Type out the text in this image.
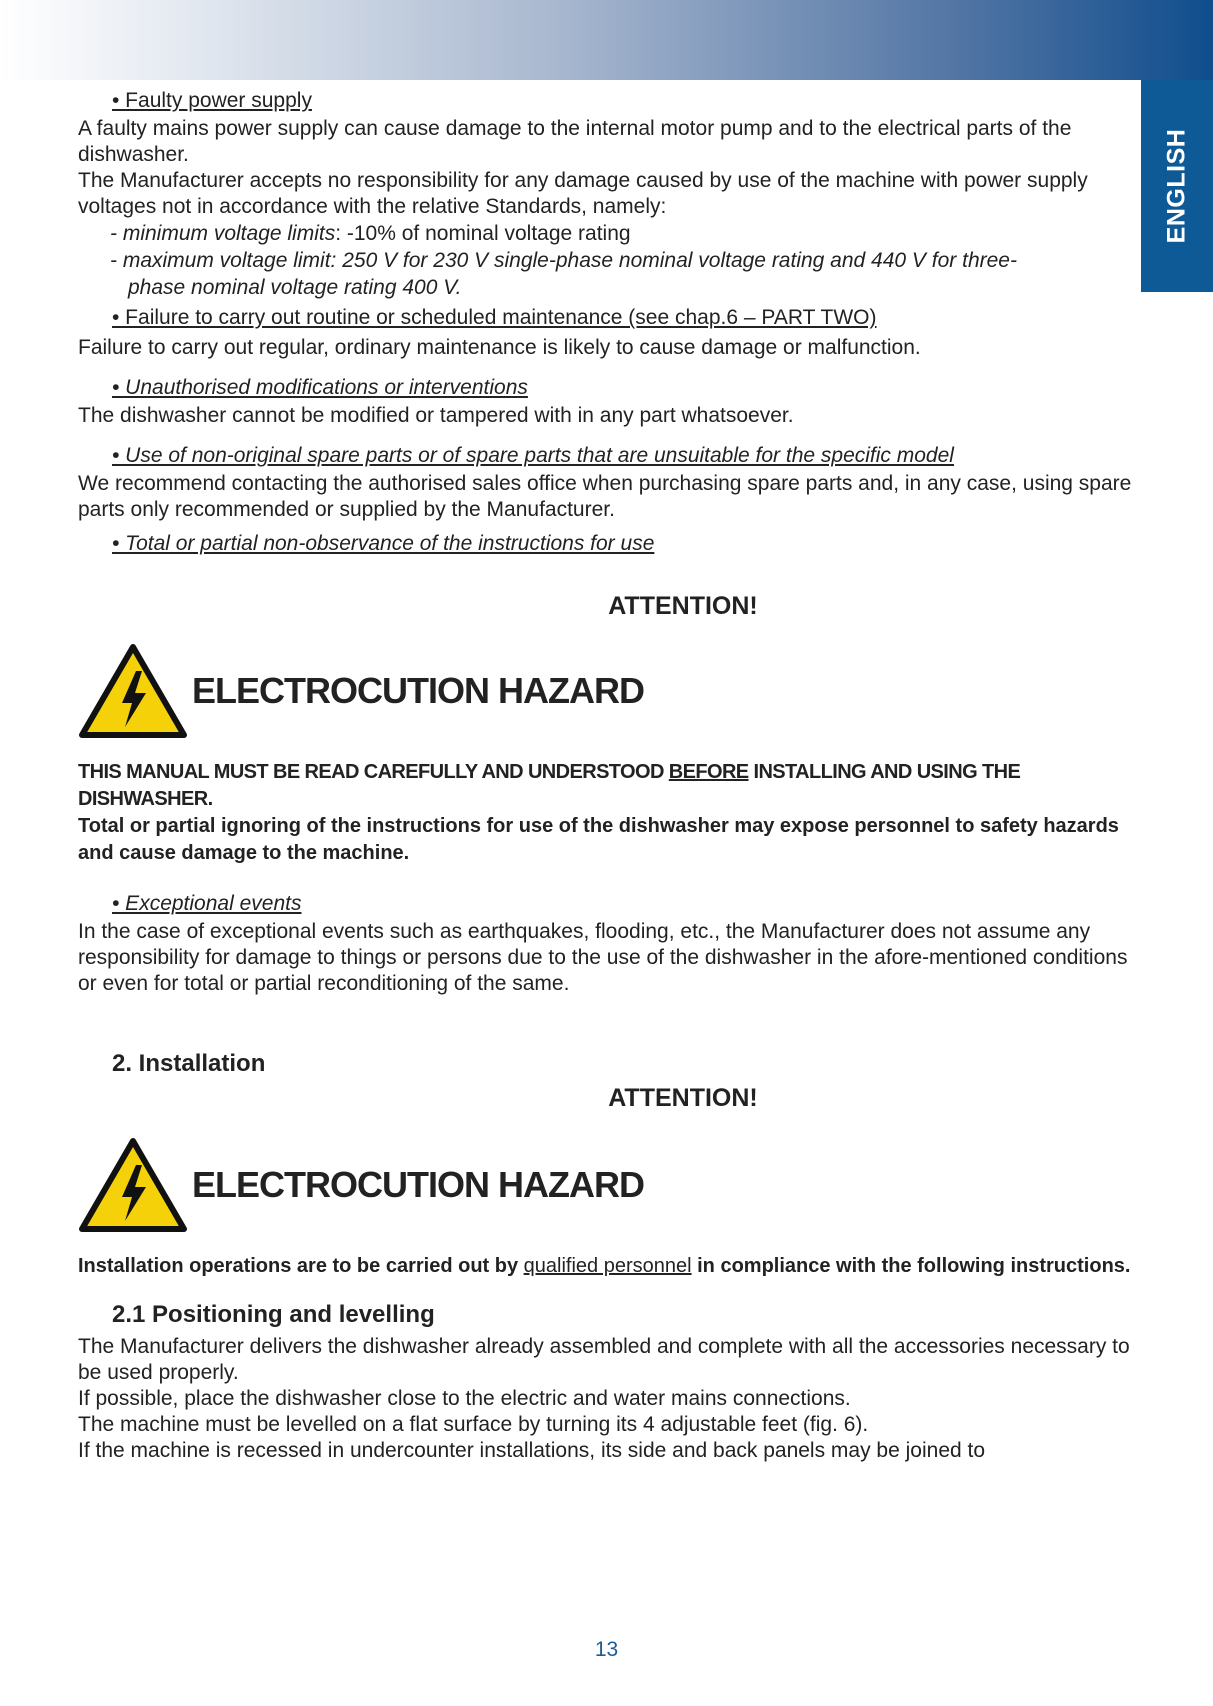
ENGLISH
• Faulty power supply

A faulty mains power supply can cause damage to the internal motor pump and to the electrical parts of the dishwasher.

The Manufacturer accepts no responsibility for any damage caused by use of the machine with power supply voltages not in accordance with the relative Standards, namely:

- minimum voltage limits: -10% of nominal voltage rating
- maximum voltage limit: 250 V for 230 V single-phase nominal voltage rating and 440 V for three-
phase nominal voltage rating 400 V.
• Failure to carry out routine or scheduled maintenance (see chap.6 – PART TWO)

Failure to carry out regular, ordinary maintenance is likely to cause damage or malfunction.

• Unauthorised modifications or interventions

The dishwasher cannot be modified or tampered with in any part whatsoever.

• Use of non-original spare parts or of spare parts that are unsuitable for the specific model

We recommend contacting the authorised sales office when purchasing spare parts and, in any case, using spare parts only recommended or supplied by the Manufacturer.

• Total or partial non-observance of the instructions for use

ATTENTION!

ELECTROCUTION HAZARD

THIS MANUAL MUST BE READ CAREFULLY AND UNDERSTOOD BEFORE INSTALLING AND USING THE DISHWASHER.

Total or partial ignoring of the instructions for use of the dishwasher may expose personnel to safety hazards and cause damage to the machine.

• Exceptional events

In the case of exceptional events such as earthquakes, flooding, etc., the Manufacturer does not assume any responsibility for damage to things or persons due to the use of the dishwasher in the afore-mentioned conditions or even for total or partial reconditioning of the same.

2. Installation

ATTENTION!

ELECTROCUTION HAZARD

Installation operations are to be carried out by qualified personnel in compliance with the following instructions.

2.1 Positioning and levelling

The Manufacturer delivers the dishwasher already assembled and complete with all the accessories necessary to be used properly.

If possible, place the dishwasher close to the electric and water mains connections.

The machine must be levelled on a flat surface by turning its 4 adjustable feet (fig. 6).

If the machine is recessed in undercounter installations, its side and back panels may be joined to

13
